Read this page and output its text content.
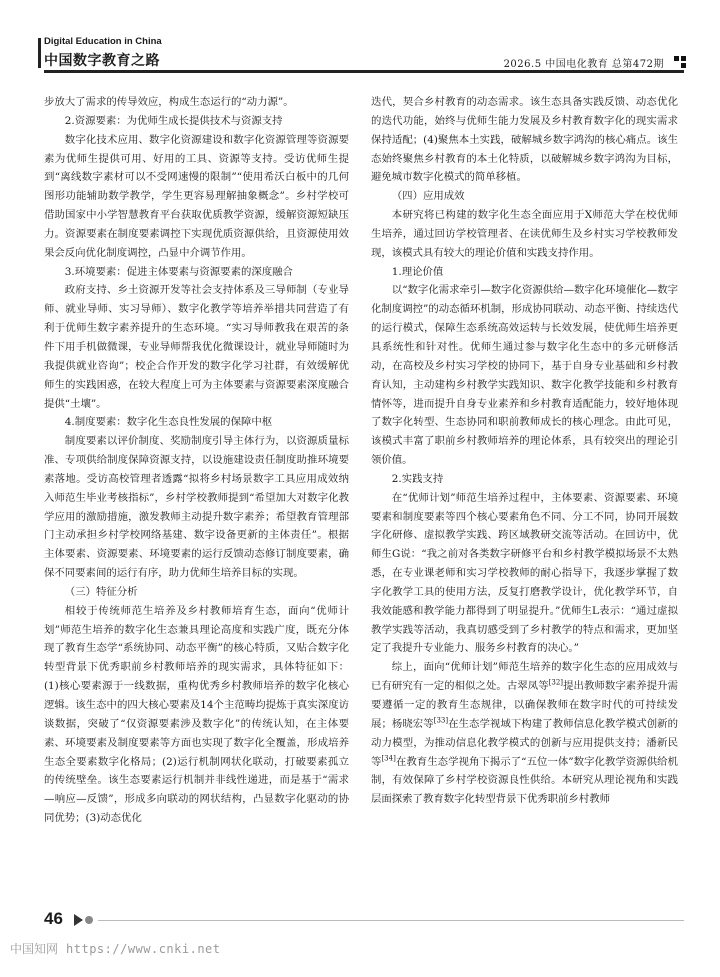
Digital Education in China
中国数字教育之路	2026.5 中国电化教育 总第472期

步放大了需求的传导效应，构成生态运行的“动力源”。

2.资源要素：为优师生成长提供技术与资源支持

数字化技术应用、数字化资源建设和数字化资源管理等资源要素为优师生提供可用、好用的工具、资源等支持。受访优师生提到“离线数字素材可以不受网速慢的限制”“使用希沃白板中的几何图形功能辅助数学教学，学生更容易理解抽象概念”。乡村学校可借助国家中小学智慧教育平台获取优质教学资源，缓解资源短缺压力。资源要素在制度要素调控下实现优质资源供给，且资源使用效果会反向优化制度调控，凸显中介调节作用。

3.环境要素：促进主体要素与资源要素的深度融合

政府支持、乡土资源开发等社会支持体系及三导师制（专业导师、就业导师、实习导师）、数字化教学等培养举措共同营造了有利于优师生数字素养提升的生态环境。“实习导师教我在艰苦的条件下用手机做微课，专业导师帮我优化微课设计，就业导师随时为我提供就业咨询”；校企合作开发的数字化学习社群，有效缓解优师生的实践困惑，在较大程度上可为主体要素与资源要素深度融合提供“土壤”。

4.制度要素：数字化生态良性发展的保障中枢

制度要素以评价制度、奖励制度引导主体行为，以资源质量标准、专项供给制度保障资源支持，以设施建设责任制度助推环境要素落地。受访高校管理者透露“拟将乡村场景数字工具应用成效纳入师范生毕业考核指标”，乡村学校教师提到“希望加大对数字化教学应用的激励措施，激发教师主动提升数字素养；希望教育管理部门主动承担乡村学校网络基建、数字设备更新的主体责任”。根据主体要素、资源要素、环境要素的运行反馈动态修订制度要素，确保不同要素间的运行有序，助力优师生培养目标的实现。

（三）特征分析

相较于传统师范生培养及乡村教师培育生态，面向“优师计划”师范生培养的数字化生态兼具理论高度和实践广度，既充分体现了教育生态学“系统协同、动态平衡”的核心特质，又贴合数字化转型背景下优秀职前乡村教师培养的现实需求，具体特征如下：(1)核心要素源于一线数据，重构优秀乡村教师培养的数字化核心逻辑。该生态中的四大核心要素及14个主范畴均提炼于真实深度访谈数据，突破了“仅资源要素涉及数字化”的传统认知，在主体要素、环境要素及制度要素等方面也实现了数字化全覆盖，形成培养生态全要素数字化格局；(2)运行机制网状化联动，打破要素孤立的传统壁垒。该生态要素运行机制并非线性递进，而是基于“需求—响应—反馈”，形成多向联动的网状结构，凸显数字化驱动的协同优势；(3)动态优化

迭代，契合乡村教育的动态需求。该生态具备实践反馈、动态优化的迭代功能，始终与优师生能力发展及乡村教育数字化的现实需求保持适配；(4)聚焦本土实践，破解城乡数字鸿沟的核心痛点。该生态始终聚焦乡村教育的本土化特质，以破解城乡数字鸿沟为目标，避免城市数字化模式的简单移植。

（四）应用成效

本研究将已构建的数字化生态全面应用于X师范大学在校优师生培养，通过回访学校管理者、在读优师生及乡村实习学校教师发现，该模式具有较大的理论价值和实践支持作用。

1.理论价值

以“数字化需求牵引—数字化资源供给—数字化环境催化—数字化制度调控”的动态循环机制，形成协同联动、动态平衡、持续迭代的运行模式，保障生态系统高效运转与长效发展，使优师生培养更具系统性和针对性。优师生通过参与数字化生态中的多元研修活动，在高校及乡村实习学校的协同下，基于自身专业基础和乡村教育认知，主动建构乡村教学实践知识、数字化教学技能和乡村教育情怀等，进而提升自身专业素养和乡村教育适配能力，较好地体现了数字化转型、生态协同和职前教师成长的核心理念。由此可见，该模式丰富了职前乡村教师培养的理论体系，具有较突出的理论引领价值。

2.实践支持

在“优师计划”师范生培养过程中，主体要素、资源要素、环境要素和制度要素等四个核心要素角色不同、分工不同，协同开展数字化研修、虚拟教学实践、跨区域教研交流等活动。在回访中，优师生G说：“我之前对各类数字研修平台和乡村教学模拟场景不太熟悉，在专业课老师和实习学校教师的耐心指导下，我逐步掌握了数字化教学工具的使用方法，反复打磨教学设计，优化教学环节，自我效能感和教学能力都得到了明显提升。”优师生L表示：“通过虚拟教学实践等活动，我真切感受到了乡村教学的特点和需求，更加坚定了我提升专业能力、服务乡村教育的决心。”

综上，面向“优师计划”师范生培养的数字化生态的应用成效与已有研究有一定的相似之处。古翠凤等[32]提出教师数字素养提升需要遵循一定的教育生态规律，以确保教师在数字时代的可持续发展；杨晓宏等[33]在生态学视域下构建了教师信息化教学模式创新的动力模型，为推动信息化教学模式的创新与应用提供支持；潘新民等[34]在教育生态学视角下揭示了“五位一体”数字化教学资源供给机制，有效保障了乡村学校资源良性供给。本研究从理论视角和实践层面探索了教育数字化转型背景下优秀职前乡村教师

46
中国知网 https://www.cnki.net
